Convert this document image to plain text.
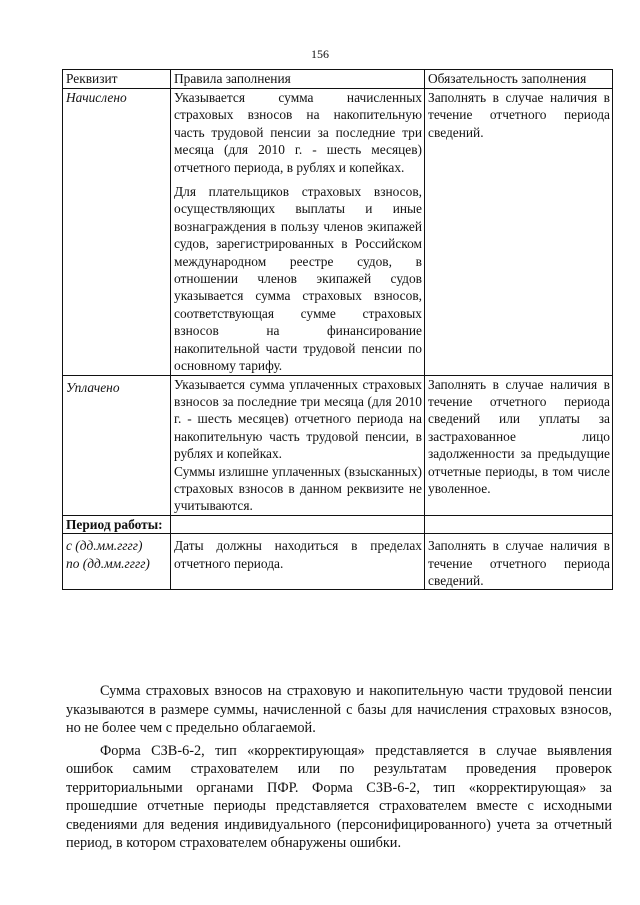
156
Реквизит	Правила заполнения	Обязательность заполнения
Начислено	Указывается сумма начисленных страховых взносов на накопительную часть трудовой пенсии за последние три месяца (для 2010 г. - шесть месяцев) отчетного периода, в рублях и копейках.

Для плательщиков страховых взносов, осуществляющих выплаты и иные вознаграждения в пользу членов экипажей судов, зарегистрированных в Российском международном реестре судов, в отношении членов экипажей судов указывается сумма страховых взносов, соответствующая сумме страховых взносов на финансирование накопительной части трудовой пенсии по основному тарифу.	Заполнять в случае наличия в течение отчетного периода сведений.
Уплачено	Указывается сумма уплаченных страховых взносов за последние три месяца (для 2010 г. - шесть месяцев) отчетного периода на накопительную часть трудовой пенсии, в рублях и копейках.

Суммы излишне уплаченных (взысканных) страховых взносов в данном реквизите не учитываются.	Заполнять в случае наличия в течение отчетного периода сведений или уплаты за застрахованное лицо задолженности за предыдущие отчетные периоды, в том числе уволенное.
Период работы:		

с (дд.мм.гггг)
по (дд.мм.гггг)	Даты должны находиться в пределах отчетного периода.	Заполнять в случае наличия в течение отчетного периода сведений.

Сумма страховых взносов на страховую и накопительную части трудовой пенсии указываются в размере суммы, начисленной с базы для начисления страховых взносов, но не более чем с предельно облагаемой.

Форма СЗВ-6-2, тип «корректирующая» представляется в случае выявления ошибок самим страхователем или по результатам проведения проверок территориальными органами ПФР. Форма СЗВ-6-2, тип «корректирующая» за прошедшие отчетные периоды представляется страхователем вместе с исходными сведениями для ведения индивидуального (персонифицированного) учета за отчетный период, в котором страхователем обнаружены ошибки.
